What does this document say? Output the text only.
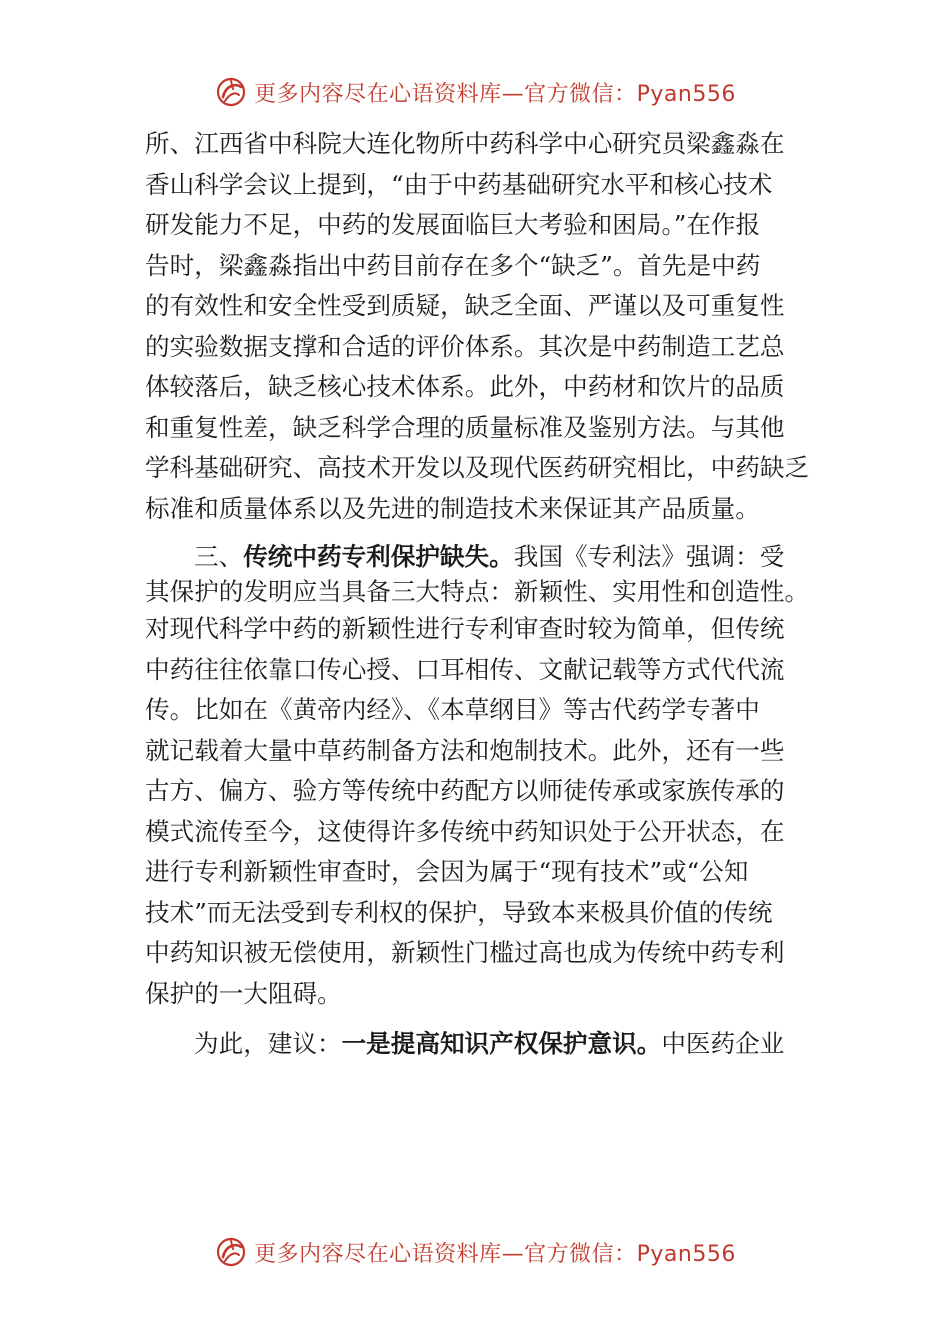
更多内容尽在心语资料库—官方微信：Pyan556
所、江西省中科院大连化物所中药科学中心研究员梁鑫淼在
香山科学会议上提到，“由于中药基础研究水平和核心技术
研发能力不足，中药的发展面临巨大考验和困局。”在作报
告时，梁鑫淼指出中药目前存在多个“缺乏”。首先是中药
的有效性和安全性受到质疑，缺乏全面、严谨以及可重复性
的实验数据支撑和合适的评价体系。其次是中药制造工艺总
体较落后，缺乏核心技术体系。此外，中药材和饮片的品质
和重复性差，缺乏科学合理的质量标准及鉴别方法。与其他
学科基础研究、高技术开发以及现代医药研究相比，中药缺乏
标准和质量体系以及先进的制造技术来保证其产品质量。
三、传统中药专利保护缺失。我国《专利法》强调：受
其保护的发明应当具备三大特点：新颖性、实用性和创造性。
对现代科学中药的新颖性进行专利审查时较为简单，但传统
中药往往依靠口传心授、口耳相传、文献记载等方式代代流
传。比如在《黄帝内经》、《本草纲目》等古代药学专著中
就记载着大量中草药制备方法和炮制技术。此外，还有一些
古方、偏方、验方等传统中药配方以师徒传承或家族传承的
模式流传至今，这使得许多传统中药知识处于公开状态，在
进行专利新颖性审查时，会因为属于“现有技术”或“公知
技术”而无法受到专利权的保护，导致本来极具价值的传统
中药知识被无偿使用，新颖性门槛过高也成为传统中药专利
保护的一大阻碍。
为此，建议：一是提高知识产权保护意识。中医药企业
更多内容尽在心语资料库—官方微信：Pyan556
